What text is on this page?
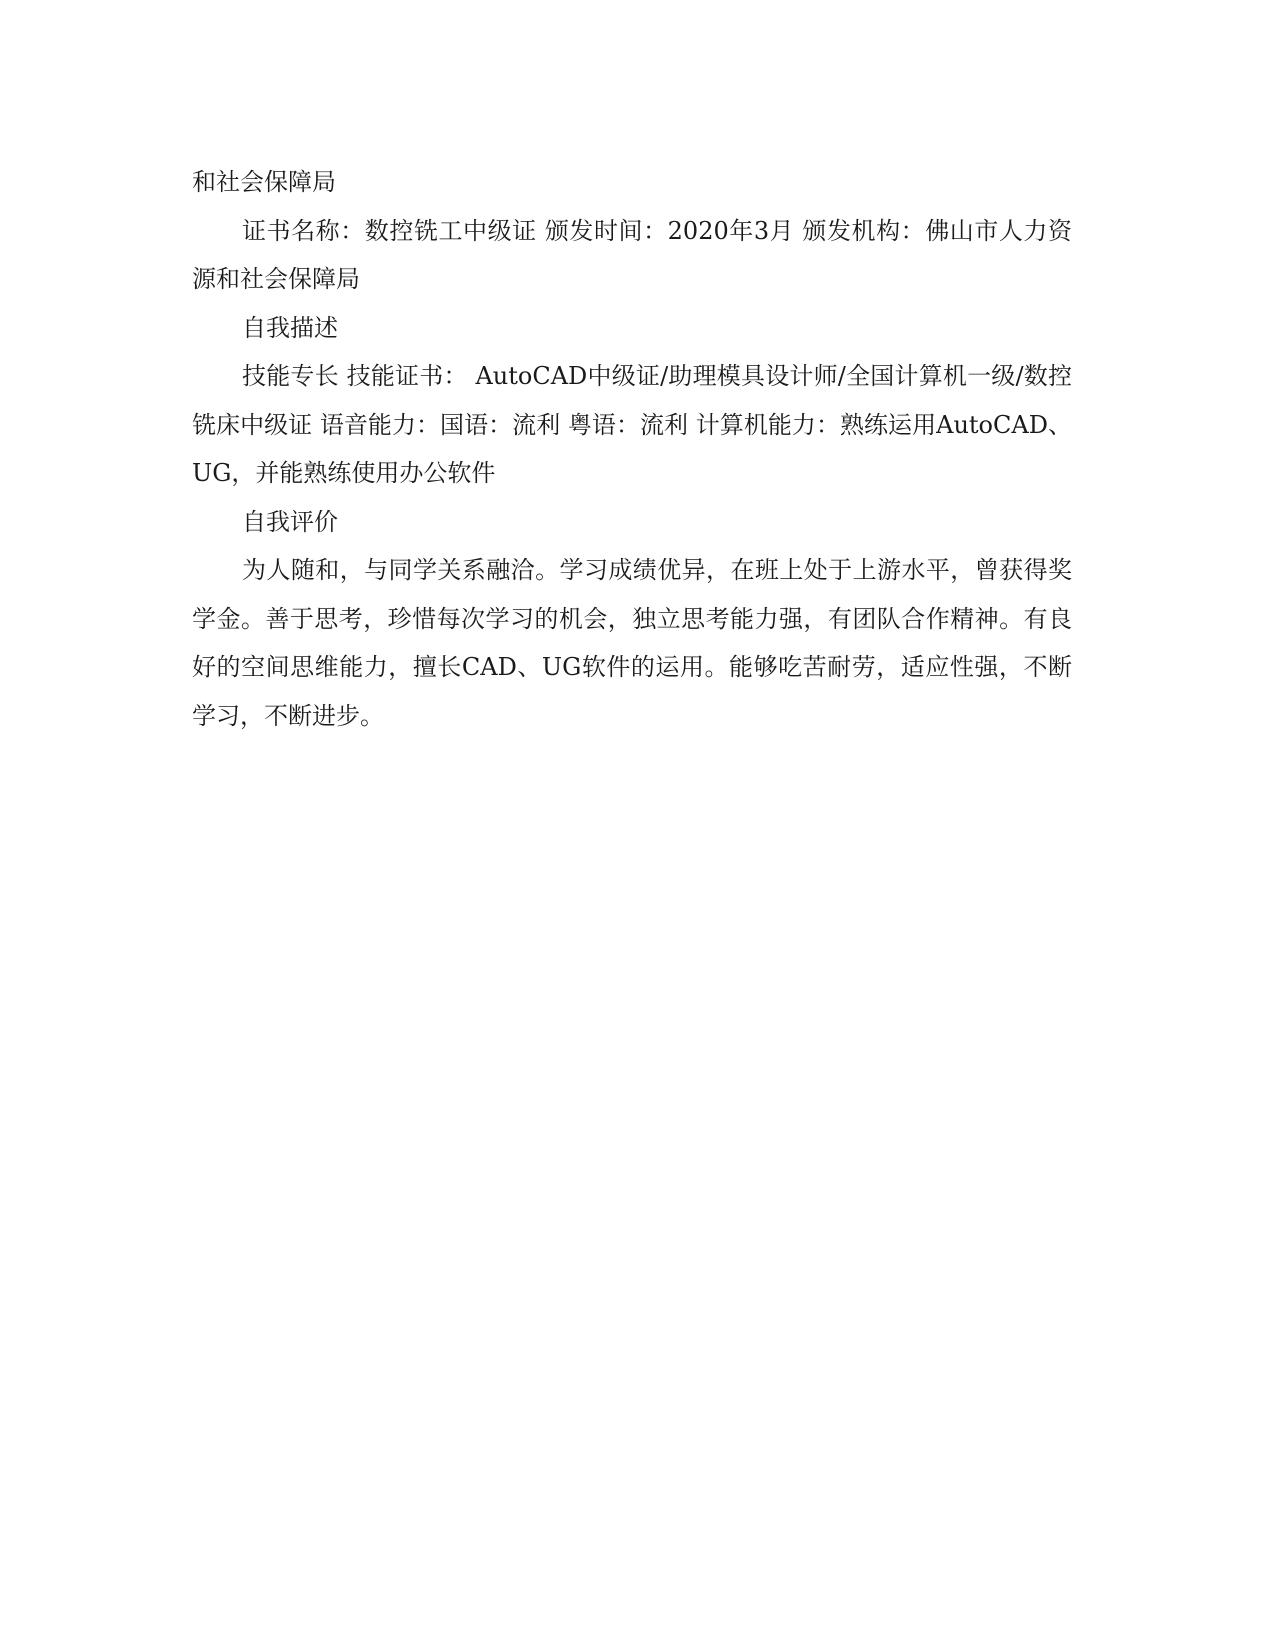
和社会保障局

证书名称：数控铣工中级证 颁发时间：2020年3月 颁发机构：佛山市人力资源和社会保障局

自我描述

技能专长 技能证书： AutoCAD中级证/助理模具设计师/全国计算机一级/数控铣床中级证 语音能力：国语：流利 粤语：流利 计算机能力：熟练运用AutoCAD、UG，并能熟练使用办公软件

自我评价

为人随和，与同学关系融洽。学习成绩优异，在班上处于上游水平，曾获得奖学金。善于思考，珍惜每次学习的机会，独立思考能力强，有团队合作精神。有良好的空间思维能力，擅长CAD、UG软件的运用。能够吃苦耐劳，适应性强，不断学习，不断进步。
